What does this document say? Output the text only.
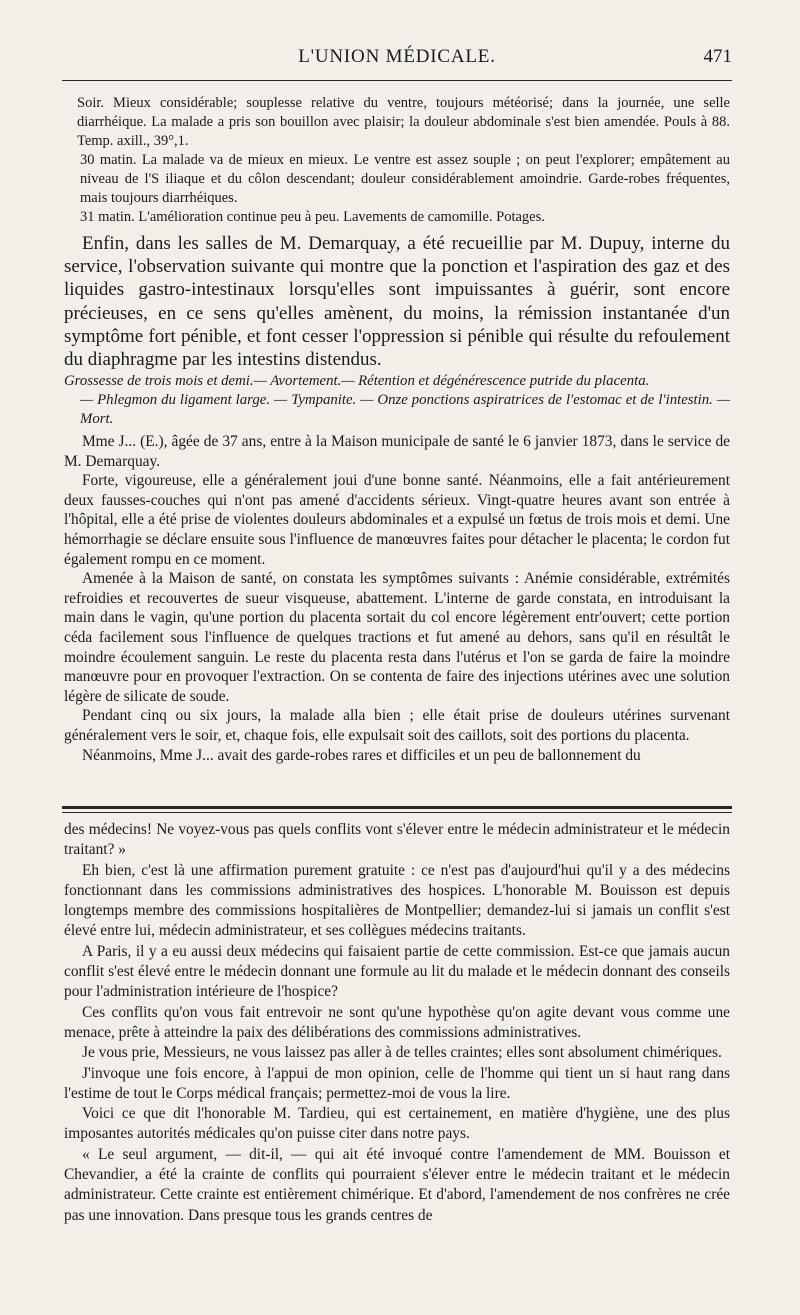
L'UNION MÉDICALE.	471

Soir. Mieux considérable; souplesse relative du ventre, toujours météorisé; dans la journée, une selle diarrhéique. La malade a pris son bouillon avec plaisir; la douleur abdominale s'est bien amendée. Pouls à 88. Temp. axill., 39°,1.

30 matin. La malade va de mieux en mieux. Le ventre est assez souple ; on peut l'explorer; empâtement au niveau de l'S iliaque et du côlon descendant; douleur considérablement amoindrie. Garde-robes fréquentes, mais toujours diarrhéiques.

31 matin. L'amélioration continue peu à peu. Lavements de camomille. Potages.

Enfin, dans les salles de M. Demarquay, a été recueillie par M. Dupuy, interne du service, l'observation suivante qui montre que la ponction et l'aspiration des gaz et des liquides gastro-intestinaux lorsqu'elles sont impuissantes à guérir, sont encore précieuses, en ce sens qu'elles amènent, du moins, la rémission instantanée d'un symptôme fort pénible, et font cesser l'oppression si pénible qui résulte du refoulement du diaphragme par les intestins distendus.

Grossesse de trois mois et demi.— Avortement.— Rétention et dégénérescence putride du placenta.

— Phlegmon du ligament large. — Tympanite. — Onze ponctions aspiratrices de l'estomac et de l'intestin. — Mort.

Mme J... (E.), âgée de 37 ans, entre à la Maison municipale de santé le 6 janvier 1873, dans le service de M. Demarquay.

Forte, vigoureuse, elle a généralement joui d'une bonne santé. Néanmoins, elle a fait antérieurement deux fausses-couches qui n'ont pas amené d'accidents sérieux. Vingt-quatre heures avant son entrée à l'hôpital, elle a été prise de violentes douleurs abdominales et a expulsé un fœtus de trois mois et demi. Une hémorrhagie se déclare ensuite sous l'influence de manœuvres faites pour détacher le placenta; le cordon fut également rompu en ce moment.

Amenée à la Maison de santé, on constata les symptômes suivants : Anémie considérable, extrémités refroidies et recouvertes de sueur visqueuse, abattement. L'interne de garde constata, en introduisant la main dans le vagin, qu'une portion du placenta sortait du col encore légèrement entr'ouvert; cette portion céda facilement sous l'influence de quelques tractions et fut amené au dehors, sans qu'il en résultât le moindre écoulement sanguin. Le reste du placenta resta dans l'utérus et l'on se garda de faire la moindre manœuvre pour en provoquer l'extraction. On se contenta de faire des injections utérines avec une solution légère de silicate de soude.

Pendant cinq ou six jours, la malade alla bien ; elle était prise de douleurs utérines survenant généralement vers le soir, et, chaque fois, elle expulsait soit des caillots, soit des portions du placenta.

Néanmoins, Mme J... avait des garde-robes rares et difficiles et un peu de ballonnement du

des médecins! Ne voyez-vous pas quels conflits vont s'élever entre le médecin administrateur et le médecin traitant? »

Eh bien, c'est là une affirmation purement gratuite : ce n'est pas d'aujourd'hui qu'il y a des médecins fonctionnant dans les commissions administratives des hospices. L'honorable M. Bouisson est depuis longtemps membre des commissions hospitalières de Montpellier; demandez-lui si jamais un conflit s'est élevé entre lui, médecin administrateur, et ses collègues médecins traitants.

A Paris, il y a eu aussi deux médecins qui faisaient partie de cette commission. Est-ce que jamais aucun conflit s'est élevé entre le médecin donnant une formule au lit du malade et le médecin donnant des conseils pour l'administration intérieure de l'hospice?

Ces conflits qu'on vous fait entrevoir ne sont qu'une hypothèse qu'on agite devant vous comme une menace, prête à atteindre la paix des délibérations des commissions administratives.

Je vous prie, Messieurs, ne vous laissez pas aller à de telles craintes; elles sont absolument chimériques.

J'invoque une fois encore, à l'appui de mon opinion, celle de l'homme qui tient un si haut rang dans l'estime de tout le Corps médical français; permettez-moi de vous la lire.

Voici ce que dit l'honorable M. Tardieu, qui est certainement, en matière d'hygiène, une des plus imposantes autorités médicales qu'on puisse citer dans notre pays.

« Le seul argument, — dit-il, — qui ait été invoqué contre l'amendement de MM. Bouisson et Chevandier, a été la crainte de conflits qui pourraient s'élever entre le médecin traitant et le médecin administrateur. Cette crainte est entièrement chimérique. Et d'abord, l'amendement de nos confrères ne crée pas une innovation. Dans presque tous les grands centres de
